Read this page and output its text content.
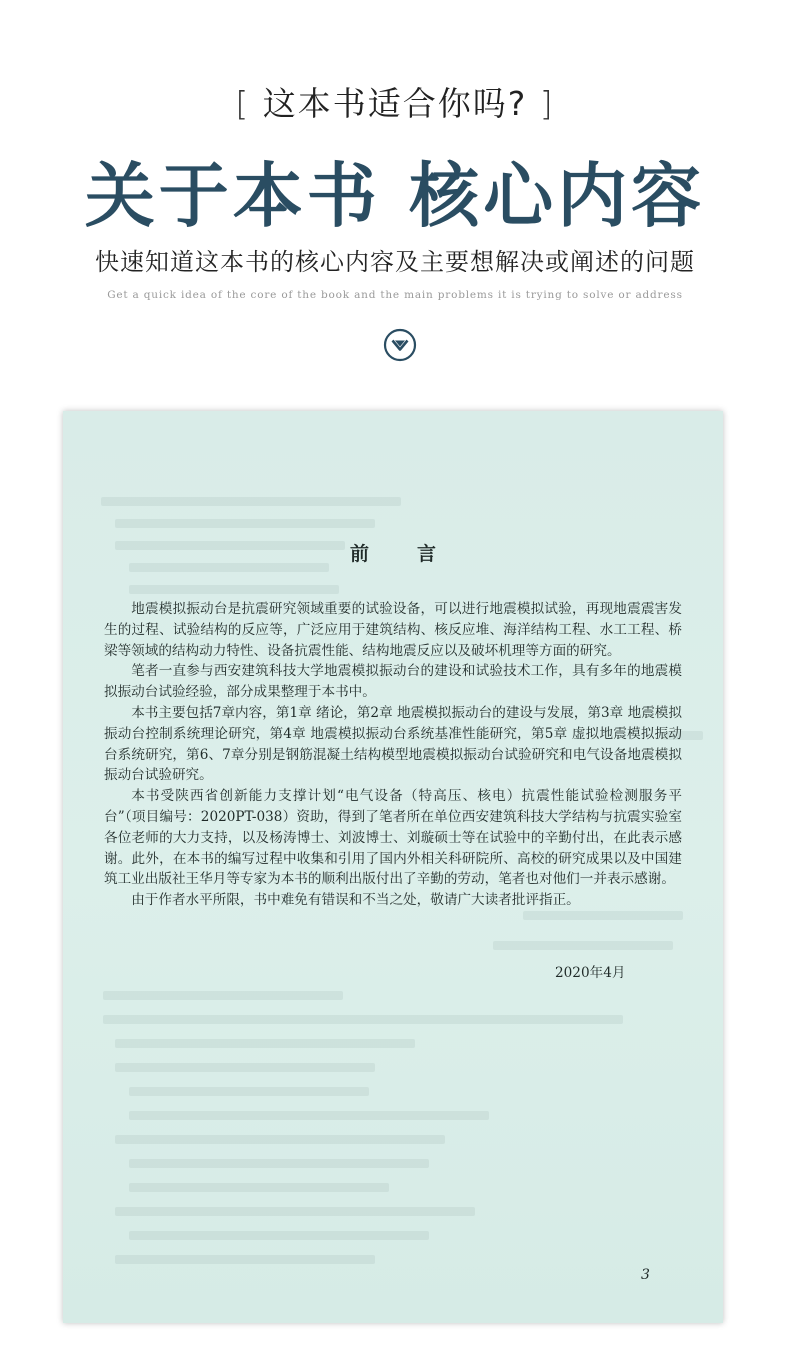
[ 这本书适合你吗? ]
关于本书 核心内容
快速知道这本书的核心内容及主要想解决或阐述的问题
Get a quick idea of the core of the book and the main problems it is trying to solve or address
前言

地震模拟振动台是抗震研究领域重要的试验设备，可以进行地震模拟试验，再现地震震害发生的过程、试验结构的反应等，广泛应用于建筑结构、核反应堆、海洋结构工程、水工工程、桥梁等领域的结构动力特性、设备抗震性能、结构地震反应以及破坏机理等方面的研究。

笔者一直参与西安建筑科技大学地震模拟振动台的建设和试验技术工作，具有多年的地震模拟振动台试验经验，部分成果整理于本书中。

本书主要包括7章内容，第1章 绪论，第2章 地震模拟振动台的建设与发展，第3章 地震模拟振动台控制系统理论研究，第4章 地震模拟振动台系统基准性能研究，第5章 虚拟地震模拟振动台系统研究，第6、7章分别是钢筋混凝土结构模型地震模拟振动台试验研究和电气设备地震模拟振动台试验研究。

本书受陕西省创新能力支撑计划“电气设备（特高压、核电）抗震性能试验检测服务平台”（项目编号：2020PT-038）资助，得到了笔者所在单位西安建筑科技大学结构与抗震实验室各位老师的大力支持，以及杨涛博士、刘波博士、刘璇硕士等在试验中的辛勤付出，在此表示感谢。此外，在本书的编写过程中收集和引用了国内外相关科研院所、高校的研究成果以及中国建筑工业出版社王华月等专家为本书的顺利出版付出了辛勤的劳动，笔者也对他们一并表示感谢。

由于作者水平所限，书中难免有错误和不当之处，敬请广大读者批评指正。

2020年4月
3
